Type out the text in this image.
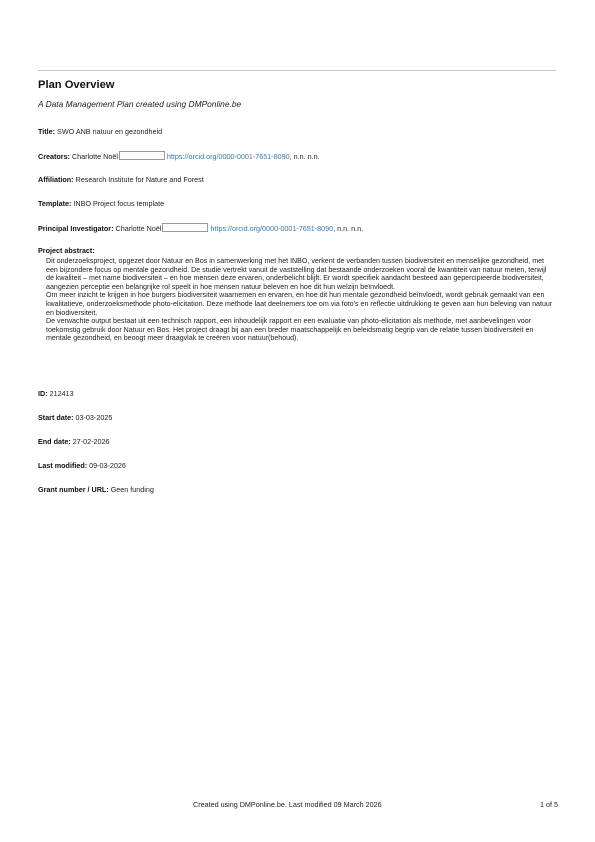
Plan Overview
A Data Management Plan created using DMPonline.be
Title: SWO ANB natuur en gezondheid
Creators: Charlotte Noël	https://orcid.org/0000-0001-7651-8090, n.n. n.n.
Affiliation: Research Institute for Nature and Forest
Template: INBO Project focus template
Principal Investigator: Charlotte Noël	https://orcid.org/0000-0001-7651-8090, n.n. n.n.
Project abstract:

Dit onderzoeksproject, opgezet door Natuur en Bos in samenwerking met het INBO, verkent de verbanden tussen biodiversiteit en menselijke gezondheid, met een bijzondere focus op mentale gezondheid. De studie vertrekt vanuit de vaststelling dat bestaande onderzoeken vooral de kwantiteit van natuur meten, terwijl de kwaliteit – met name biodiversiteit – en hoe mensen deze ervaren, onderbelicht blijft. Er wordt specifiek aandacht besteed aan gepercipieerde biodiversiteit, aangezien perceptie een belangrijke rol speelt in hoe mensen natuur beleven en hoe dit hun welzijn beïnvloedt.

Om meer inzicht te krijgen in hoe burgers biodiversiteit waarnemen en ervaren, en hoe dit hun mentale gezondheid beïnvloedt, wordt gebruik gemaakt van een kwalitatieve, onderzoeksmethode photo-elicitation. Deze methode laat deelnemers toe om via foto’s en reflectie uitdrukking te geven aan hun beleving van natuur en biodiversiteit.

De verwachte output bestaat uit een technisch rapport, een inhoudelijk rapport en een evaluatie van photo-elicitation als methode, met aanbevelingen voor toekomstig gebruik door Natuur en Bos. Het project draagt bij aan een breder maatschappelijk en beleidsmatig begrip van de relatie tussen biodiversiteit en mentale gezondheid, en beoogt meer draagvlak te creëren voor natuur(behoud).

ID: 212413
Start date: 03-03-2025
End date: 27-02-2026
Last modified: 09-03-2026
Grant number / URL: Geen funding
Created using DMPonline.be. Last modified 09 March 2026	1 of 5
